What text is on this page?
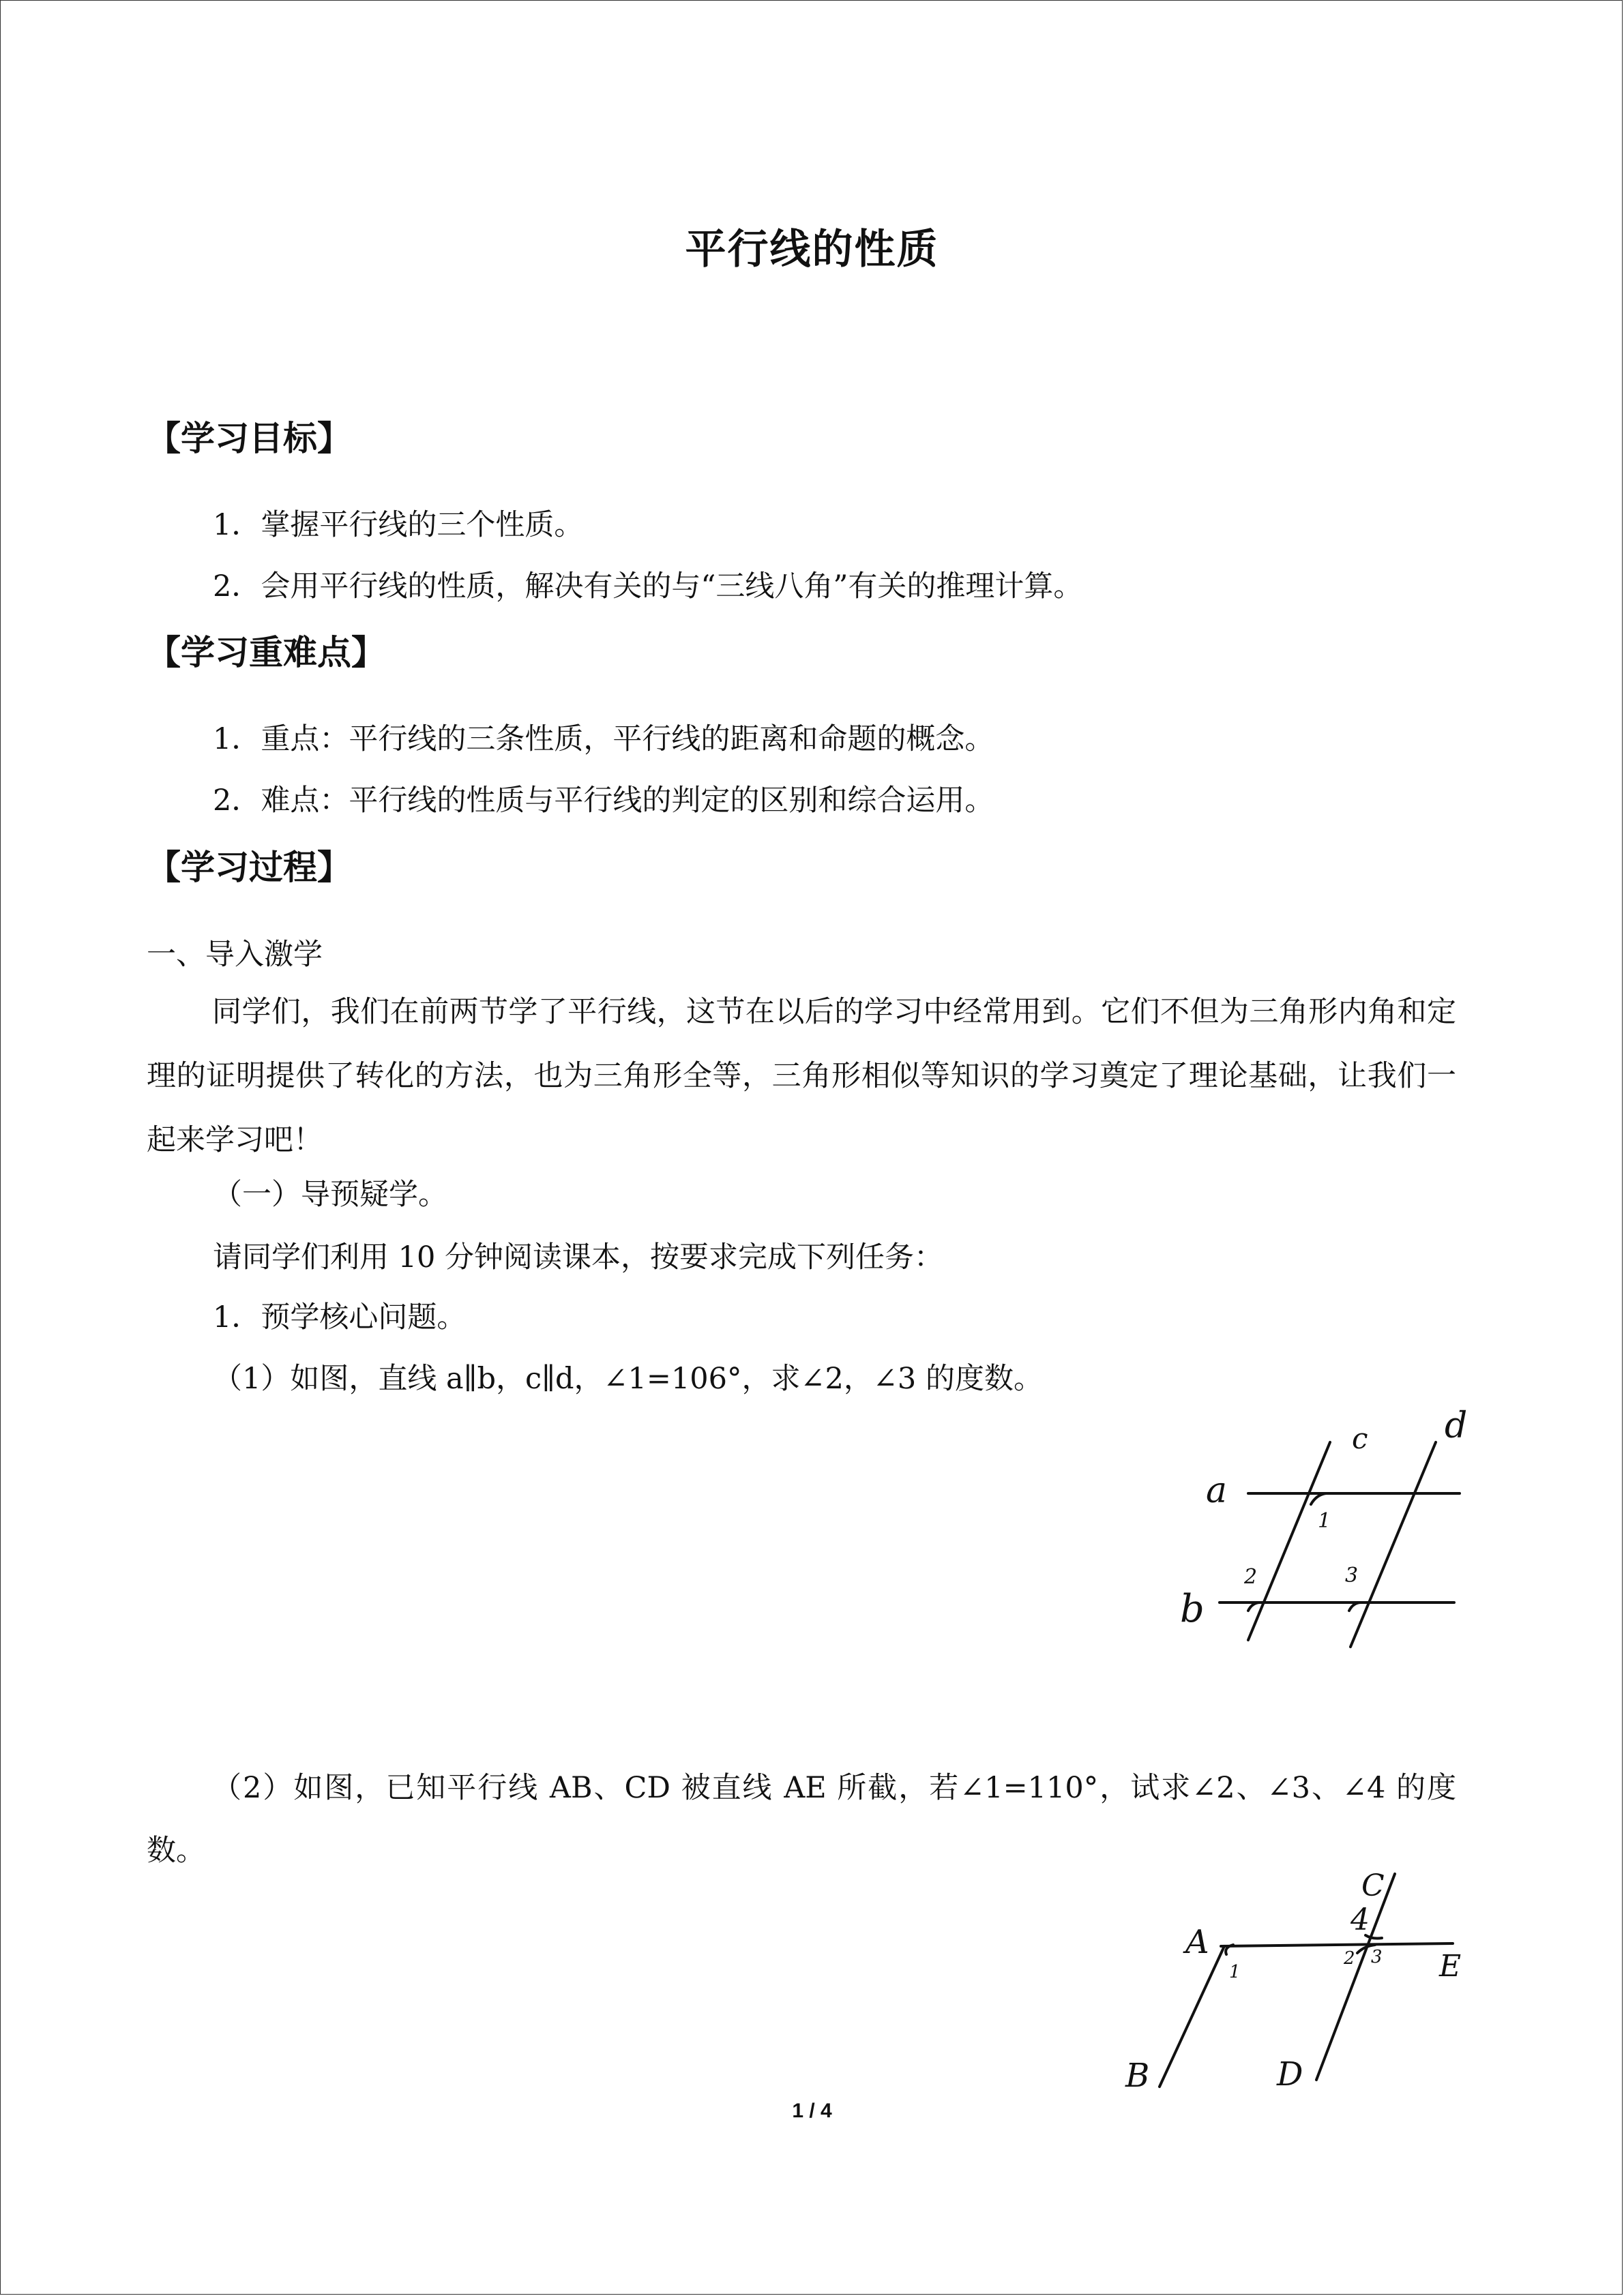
平行线的性质
【学习目标】
1．掌握平行线的三个性质。
2．会用平行线的性质，解决有关的与“三线八角”有关的推理计算。
【学习重难点】
1．重点：平行线的三条性质，平行线的距离和命题的概念。
2．难点：平行线的性质与平行线的判定的区别和综合运用。
【学习过程】
一、导入激学
同学们，我们在前两节学了平行线，这节在以后的学习中经常用到。它们不但为三角形内角和定理的证明提供了转化的方法，也为三角形全等，三角形相似等知识的学习奠定了理论基础，让我们一起来学习吧！
（一）导预疑学。
请同学们利用 10 分钟阅读课本，按要求完成下列任务：
1．预学核心问题。
（1）如图，直线 a∥b，c∥d，∠1=106°，求∠2，∠3 的度数。
a
b
c d
1
2	3
（2）如图，已知平行线 AB、CD 被直线 AE 所截，若∠1=110°，试求∠2、∠3、∠4 的度数。
A
B
C
D
E
1
2 3
4
1 / 4
